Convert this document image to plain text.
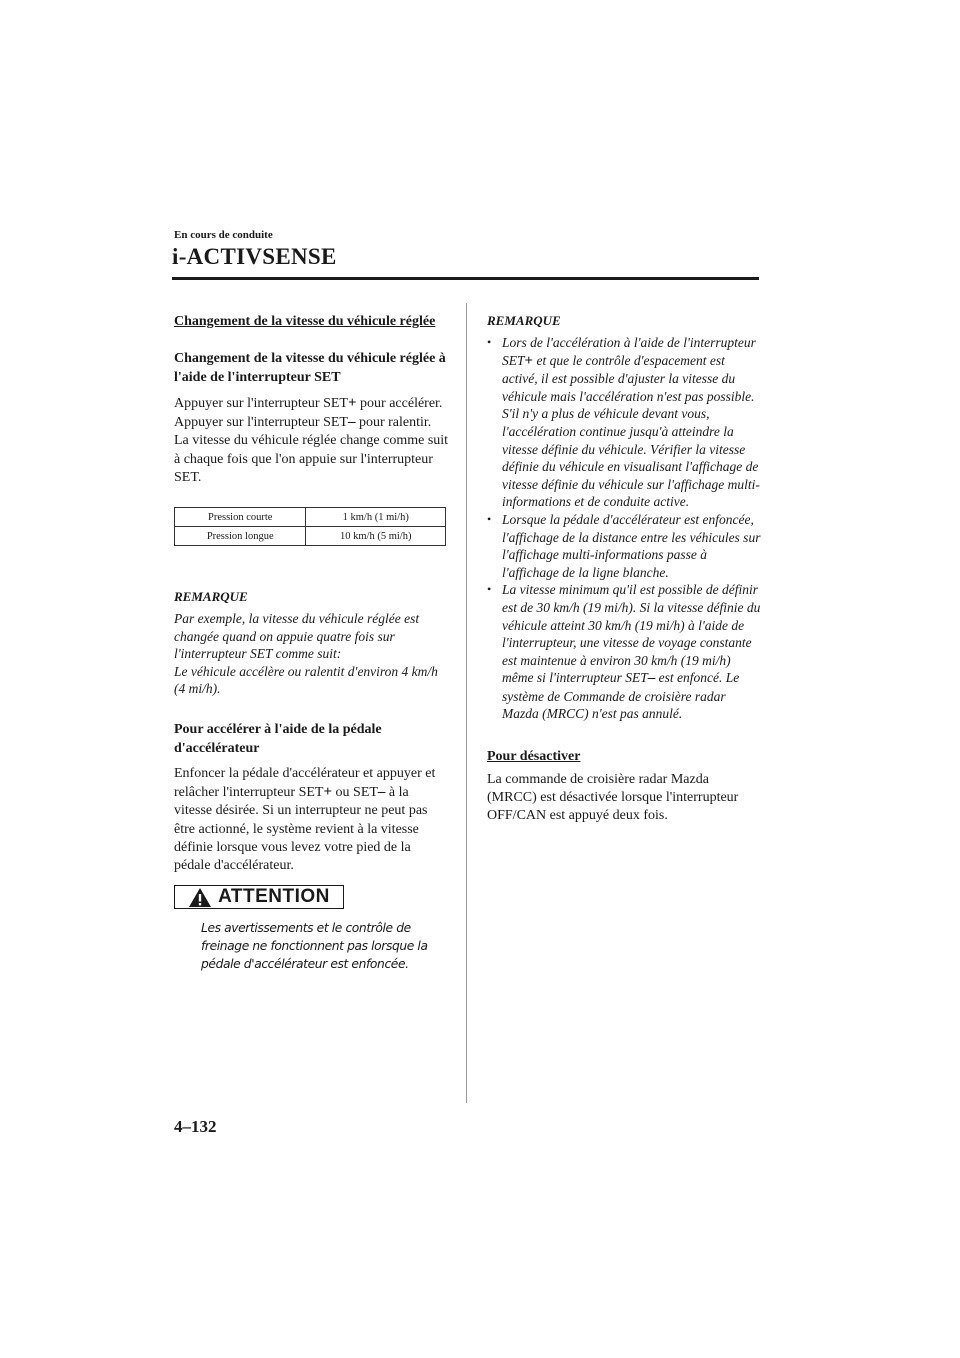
En cours de conduite
i-ACTIVSENSE

Changement de la vitesse du véhicule réglée

Changement de la vitesse du véhicule réglée à l'aide de l'interrupteur SET

Appuyer sur l'interrupteur SET+ pour accélérer.

Appuyer sur l'interrupteur SET– pour ralentir.

La vitesse du véhicule réglée change comme suit à chaque fois que l'on appuie sur l'interrupteur SET.

Pression courte	1 km/h (1 mi/h)
Pression longue	10 km/h (5 mi/h)

REMARQUE

Par exemple, la vitesse du véhicule réglée est changée quand on appuie quatre fois sur l'interrupteur SET comme suit:

Le véhicule accélère ou ralentit d'environ 4 km/h (4 mi/h).

Pour accélérer à l'aide de la pédale d'accélérateur

Enfoncer la pédale d'accélérateur et appuyer et relâcher l'interrupteur SET+ ou SET– à la vitesse désirée. Si un interrupteur ne peut pas être actionné, le système revient à la vitesse définie lorsque vous levez votre pied de la pédale d'accélérateur.

ATTENTION

Les avertissements et le contrôle de freinage ne fonctionnent pas lorsque la pédale d'accélérateur est enfoncée.

REMARQUE

• Lors de l'accélération à l'aide de l'interrupteur SET+ et que le contrôle d'espacement est activé, il est possible d'ajuster la vitesse du véhicule mais l'accélération n'est pas possible. S'il n'y a plus de véhicule devant vous, l'accélération continue jusqu'à atteindre la vitesse définie du véhicule. Vérifier la vitesse définie du véhicule en visualisant l'affichage de vitesse définie du véhicule sur l'affichage multi-informations et de conduite active.
• Lorsque la pédale d'accélérateur est enfoncée, l'affichage de la distance entre les véhicules sur l'affichage multi-informations passe à l'affichage de la ligne blanche.
• La vitesse minimum qu'il est possible de définir est de 30 km/h (19 mi/h). Si la vitesse définie du véhicule atteint 30 km/h (19 mi/h) à l'aide de l'interrupteur, une vitesse de voyage constante est maintenue à environ 30 km/h (19 mi/h) même si l'interrupteur SET– est enfoncé. Le système de Commande de croisière radar Mazda (MRCC) n'est pas annulé.

Pour désactiver

La commande de croisière radar Mazda (MRCC) est désactivée lorsque l'interrupteur OFF/CAN est appuyé deux fois.

4–132
